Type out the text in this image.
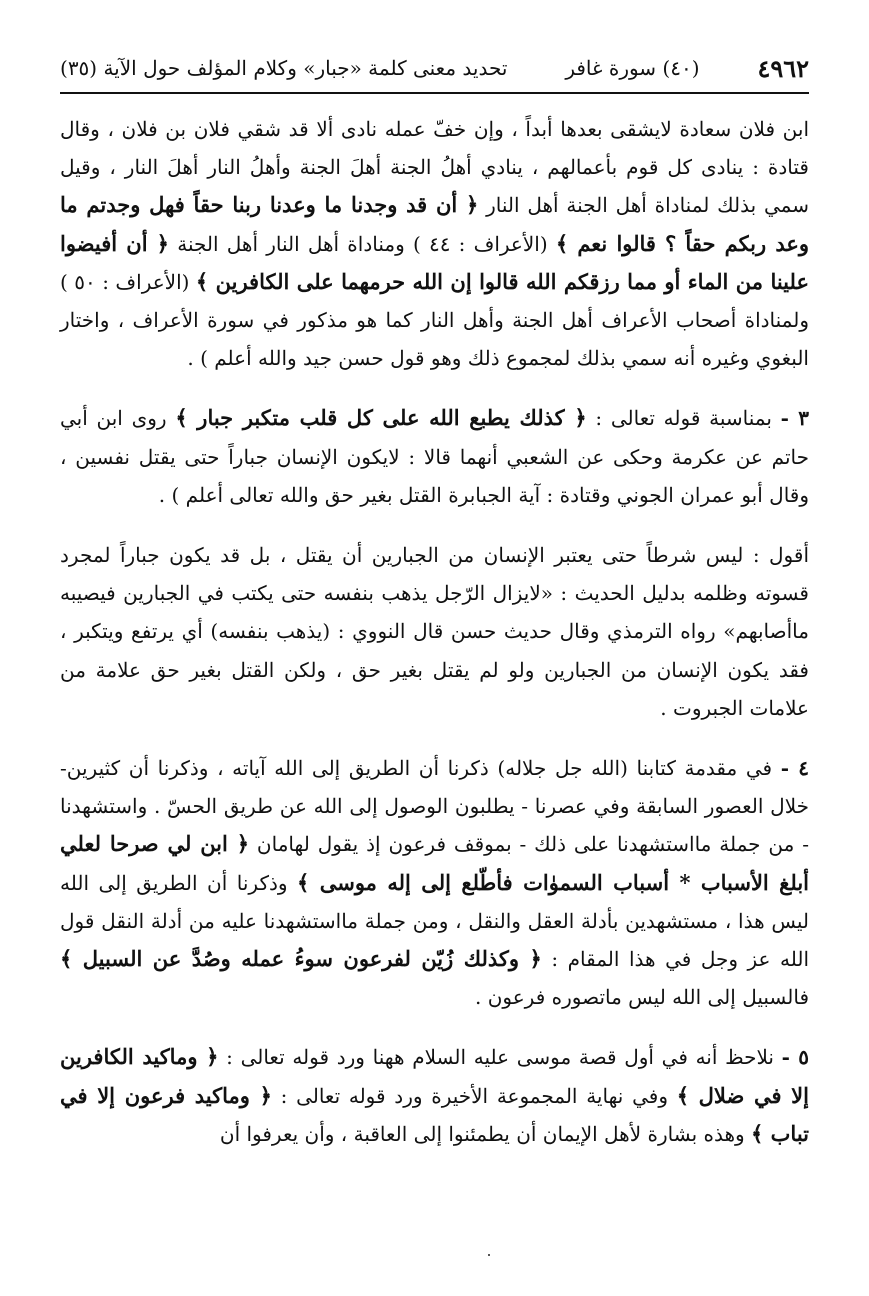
٤٩٦٢
(٤٠) سورة غافر
تحديد معنى كلمة «جبار» وكلام المؤلف حول الآية (٣٥)

ابن فلان سعادة لايشقى بعدها أبداً ، وإن خفّ عمله نادى ألا قد شقي فلان بن فلان ، وقال قتادة : ينادى كل قوم بأعمالهم ، ينادي أهلُ الجنة أهلَ الجنة وأهلُ النار أهلَ النار ، وقيل سمي بذلك لمناداة أهل الجنة أهل النار ﴿ أن قد وجدنا ما وعدنا ربنا حقاً فهل وجدتم ما وعد ربكم حقاً ؟ قالوا نعم ﴾ (الأعراف : ٤٤ ) ومناداة أهل النار أهل الجنة ﴿ أن أفيضوا علينا من الماء أو مما رزقكم الله قالوا إن الله حرمهما على الكافرين ﴾ (الأعراف : ٥٠ ) ولمناداة أصحاب الأعراف أهل الجنة وأهل النار كما هو مذكور في سورة الأعراف ، واختار البغوي وغيره أنه سمي بذلك لمجموع ذلك وهو قول حسن جيد والله أعلم ) .

٣ - بمناسبة قوله تعالى : ﴿ كذلك يطبع الله على كل قلب متكبر جبار ﴾ روى ابن أبي حاتم عن عكرمة وحكى عن الشعبي أنهما قالا : لايكون الإنسان جباراً حتى يقتل نفسين ، وقال أبو عمران الجوني وقتادة : آية الجبابرة القتل بغير حق والله تعالى أعلم ) .

أقول : ليس شرطاً حتى يعتبر الإنسان من الجبارين أن يقتل ، بل قد يكون جباراً لمجرد قسوته وظلمه بدليل الحديث : «لايزال الرّجل يذهب بنفسه حتى يكتب في الجبارين فيصيبه ماأصابهم» رواه الترمذي وقال حديث حسن قال النووي : (يذهب بنفسه) أي يرتفع ويتكبر ، فقد يكون الإنسان من الجبارين ولو لم يقتل بغير حق ، ولكن القتل بغير حق علامة من علامات الجبروت .

٤ - في مقدمة كتابنا (الله جل جلاله) ذكرنا أن الطريق إلى الله آياته ، وذكرنا أن كثيرين- خلال العصور السابقة وفي عصرنا - يطلبون الوصول إلى الله عن طريق الحسّ . واستشهدنا - من جملة مااستشهدنا على ذلك - بموقف فرعون إذ يقول لهامان ﴿ ابن لي صرحا لعلي أبلغ الأسباب * أسباب السموٰات فأطّلع إلى إله موسى ﴾ وذكرنا أن الطريق إلى الله ليس هذا ، مستشهدين بأدلة العقل والنقل ، ومن جملة مااستشهدنا عليه من أدلة النقل قول الله عز وجل في هذا المقام : ﴿ وكذلك زُيّن لفرعون سوءُ عمله وصُدَّ عن السبيل ﴾ فالسبيل إلى الله ليس ماتصوره فرعون .

٥ - نلاحظ أنه في أول قصة موسى عليه السلام ههنا ورد قوله تعالى : ﴿ وماكيد الكافرين إلا في ضلال ﴾ وفي نهاية المجموعة الأخيرة ورد قوله تعالى : ﴿ وماكيد فرعون إلا في تباب ﴾ وهذه بشارة لأهل الإيمان أن يطمئنوا إلى العاقبة ، وأن يعرفوا أن
